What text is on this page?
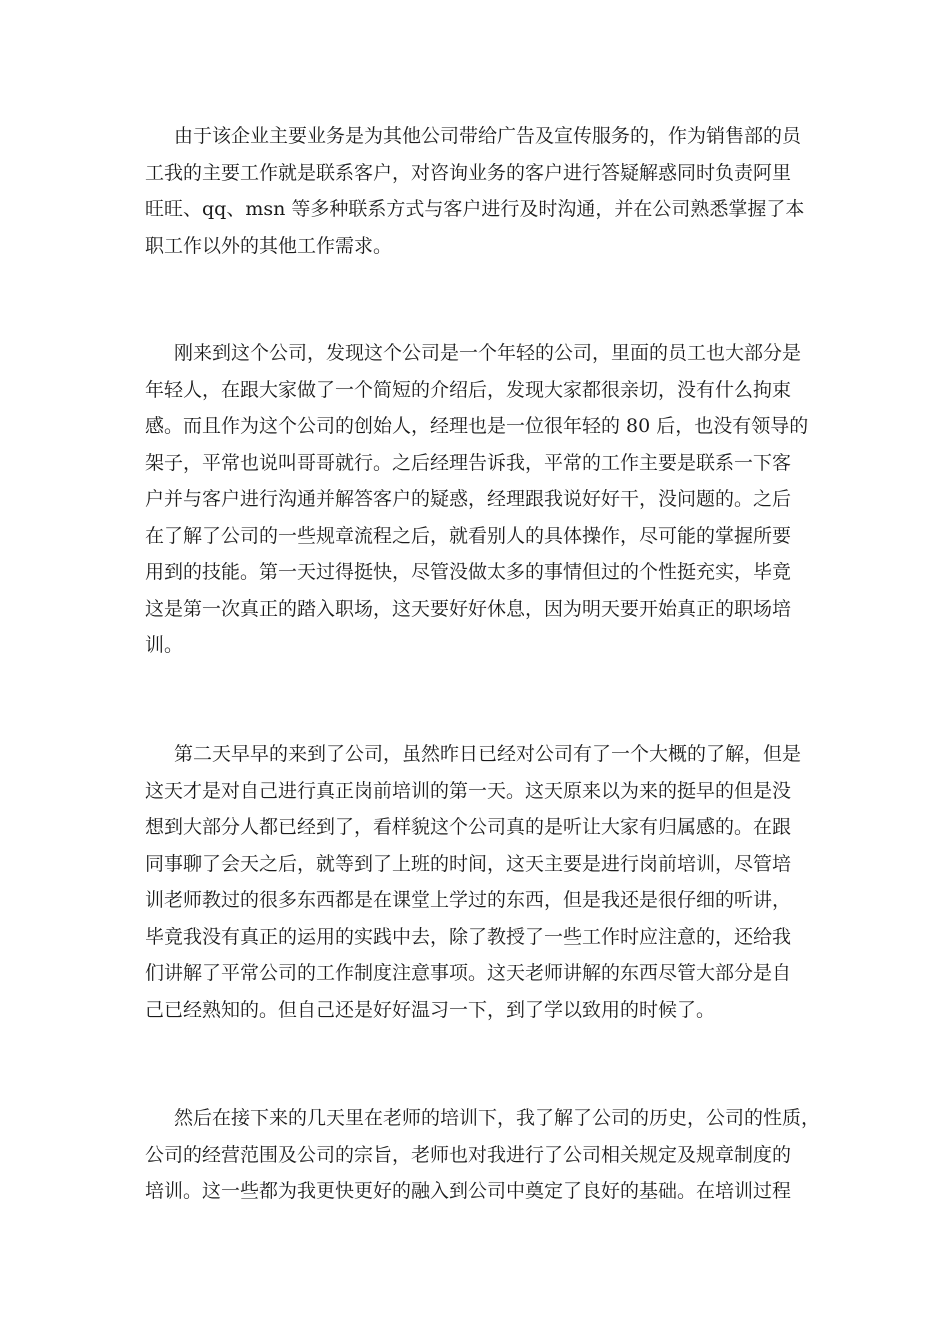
由于该企业主要业务是为其他公司带给广告及宣传服务的，作为销售部的员
工我的主要工作就是联系客户，对咨询业务的客户进行答疑解惑同时负责阿里
旺旺、qq、msn 等多种联系方式与客户进行及时沟通，并在公司熟悉掌握了本
职工作以外的其他工作需求。
刚来到这个公司，发现这个公司是一个年轻的公司，里面的员工也大部分是
年轻人，在跟大家做了一个简短的介绍后，发现大家都很亲切，没有什么拘束
感。而且作为这个公司的创始人，经理也是一位很年轻的 80 后，也没有领导的
架子，平常也说叫哥哥就行。之后经理告诉我，平常的工作主要是联系一下客
户并与客户进行沟通并解答客户的疑惑，经理跟我说好好干，没问题的。之后
在了解了公司的一些规章流程之后，就看别人的具体操作，尽可能的掌握所要
用到的技能。第一天过得挺快，尽管没做太多的事情但过的个性挺充实，毕竟
这是第一次真正的踏入职场，这天要好好休息，因为明天要开始真正的职场培
训。
第二天早早的来到了公司，虽然昨日已经对公司有了一个大概的了解，但是
这天才是对自己进行真正岗前培训的第一天。这天原来以为来的挺早的但是没
想到大部分人都已经到了，看样貌这个公司真的是听让大家有归属感的。在跟
同事聊了会天之后，就等到了上班的时间，这天主要是进行岗前培训，尽管培
训老师教过的很多东西都是在课堂上学过的东西，但是我还是很仔细的听讲，
毕竟我没有真正的运用的实践中去，除了教授了一些工作时应注意的，还给我
们讲解了平常公司的工作制度注意事项。这天老师讲解的东西尽管大部分是自
己已经熟知的。但自己还是好好温习一下，到了学以致用的时候了。
然后在接下来的几天里在老师的培训下，我了解了公司的历史，公司的性质，
公司的经营范围及公司的宗旨，老师也对我进行了公司相关规定及规章制度的
培训。这一些都为我更快更好的融入到公司中奠定了良好的基础。在培训过程
